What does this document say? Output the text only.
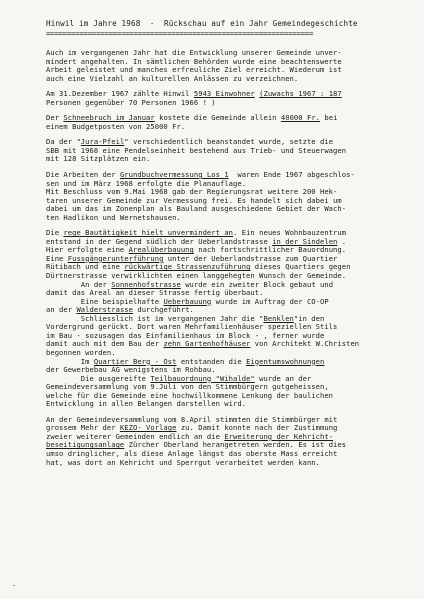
Hinwil im Jahre 1968  -  Rückschau auf ein Jahr Gemeindegeschichte
================================================================

Auch im vergangenen Jahr hat die Entwicklung unserer Gemeinde unver-
mindert angehalten. In sämtlichen Behörden wurde eine beachtenswerte
Arbeit geleistet und manches erfreuliche Ziel erreicht. Wiederum ist
auch eine Vielzahl an kulturellen Anlässen zu verzeichnen.

Am 31.Dezember 1967 zählte Hinwil 5943 Einwohner (Zuwachs 1967 : 187
Personen gegenüber 70 Personen 1966 ! )

Der Schneebruch im Januar kostete die Gemeinde allein 40000 Fr. bei
einem Budgetposten von 25000 Fr.

Da der "Jura-Pfeil" verschiedentlich beanstandet wurde, setzte die
SBB mit 1968 eine Pendelseinheit bestehend aus Trieb- und Steuerwagen
mit 128 Sitzplätzen ein.

Die Arbeiten der Grundbuchvermessung Los 1  waren Ende 1967 abgeschlos-
sen und im März 1968 erfolgte die Planauflage.
Mit Beschluss vom 9.Mai 1968 gab der Regierungsrat weitere 200 Hek-
taren unserer Gemeinde zur Vermessung frei. Es handelt sich dabei um
dabei um das im Zonenplan als Bauland ausgeschiedene Gebiet der Wach-
ten Hadlikon und Wernetshausen.

Die rege Bautätigkeit hielt unvermindert an. Ein neues Wohnbauzentrum
entstand in der Gegend südlich der Ueberlandstrasse in der Sindelen .
Hier erfolgte eine Arealüberbauung nach fortschrittlicher Bauordnung.
Eine Fussgängerunterführung unter der Ueberlandstrasse zum Quartier
Rütibach und eine rückwärtige Strassenzuführung dieses Quartiers gegen
Dürtnerstrasse verwirklichten einen langgehegten Wunsch der Gemeinde.
An der Sonnenhofstrasse wurde ein zweiter Block gebaut und
damit das Areal an dieser Strasse fertig überbaut.
Eine beispielhafte Ueberbauung wurde im Auftrag der CO-OP
an der Walderstrasse durchgeführt.
Schliesslich ist im vergangenen Jahr die "Benklen"in den
Vordergrund gerückt. Dort waren Mehrfamilienhäuser speziellen Stils
im Bau - sozusagen das Einfamilienhaus im Block - , ferner wurde
damit auch mit dem Bau der zehn Gartenhofhäuser von Architekt W.Christen
begonnen worden.
Im Quartier Berg - Ost entstanden die Eigentumswohnungen
der Gewerbebau AG wenigstens im Rohbau.
Die ausgereifte Teilbauordnung "Wihalde" wurde an der
Gemeindeversammlung vom 9.Juli von den Stimmbürgern gutgeheissen,
welche für die Gemeinde eine hochwillkommene Lenkung der baulichen
Entwicklung in allen Belangen darstellen wird.

An der Gemeindeversammlung vom 8.April stimmten die Stimmbürger mit
grossem Mehr der KEZO- Vorlage zu. Damit konnte nach der Zustimmung
zweier weiterer Gemeinden endlich an die Erweiterung der Kehricht-
beseitigungsanlage Zürcher Oberland herangetreten werden. Es ist dies
umso dringlicher, als diese Anlage längst das oberste Mass erreicht
hat, was dort an Kehricht und Sperrgut verarbeitet werden kann.

·
